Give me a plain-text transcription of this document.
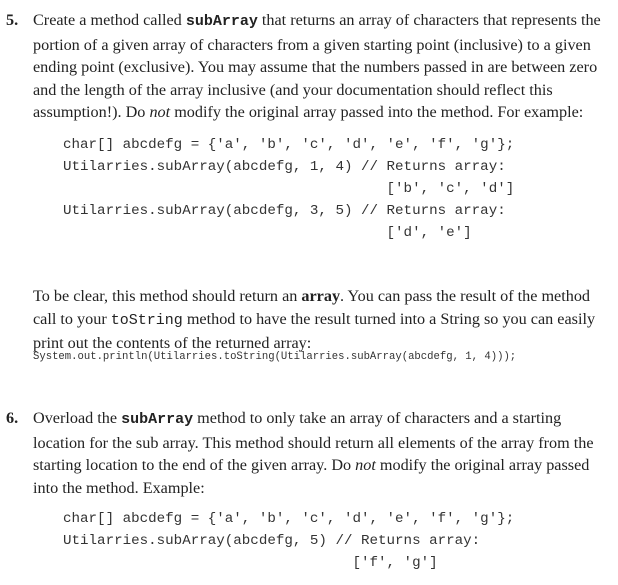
5. Create a method called subArray that returns an array of characters that represents the
portion of a given array of characters from a given starting point (inclusive) to a given
ending point (exclusive). You may assume that the numbers passed in are between zero
and the length of the array inclusive (and your documentation should reflect this
assumption!). Do not modify the original array passed into the method. For example:

char[] abcdefg = {'a', 'b', 'c', 'd', 'e', 'f', 'g'};
Utilarries.subArray(abcdefg, 1, 4) // Returns array:
['b', 'c', 'd']
Utilarries.subArray(abcdefg, 3, 5) // Returns array:
['d', 'e']

To be clear, this method should return an array. You can pass the result of the method
call to your toString method to have the result turned into a String so you can easily
print out the contents of the returned array:

System.out.println(Utilarries.toString(Utilarries.subArray(abcdefg, 1, 4)));
6. Overload the subArray method to only take an array of characters and a starting
location for the sub array. This method should return all elements of the array from the
starting location to the end of the given array. Do not modify the original array passed
into the method. Example:

char[] abcdefg = {'a', 'b', 'c', 'd', 'e', 'f', 'g'};
Utilarries.subArray(abcdefg, 5) // Returns array:
['f', 'g']
